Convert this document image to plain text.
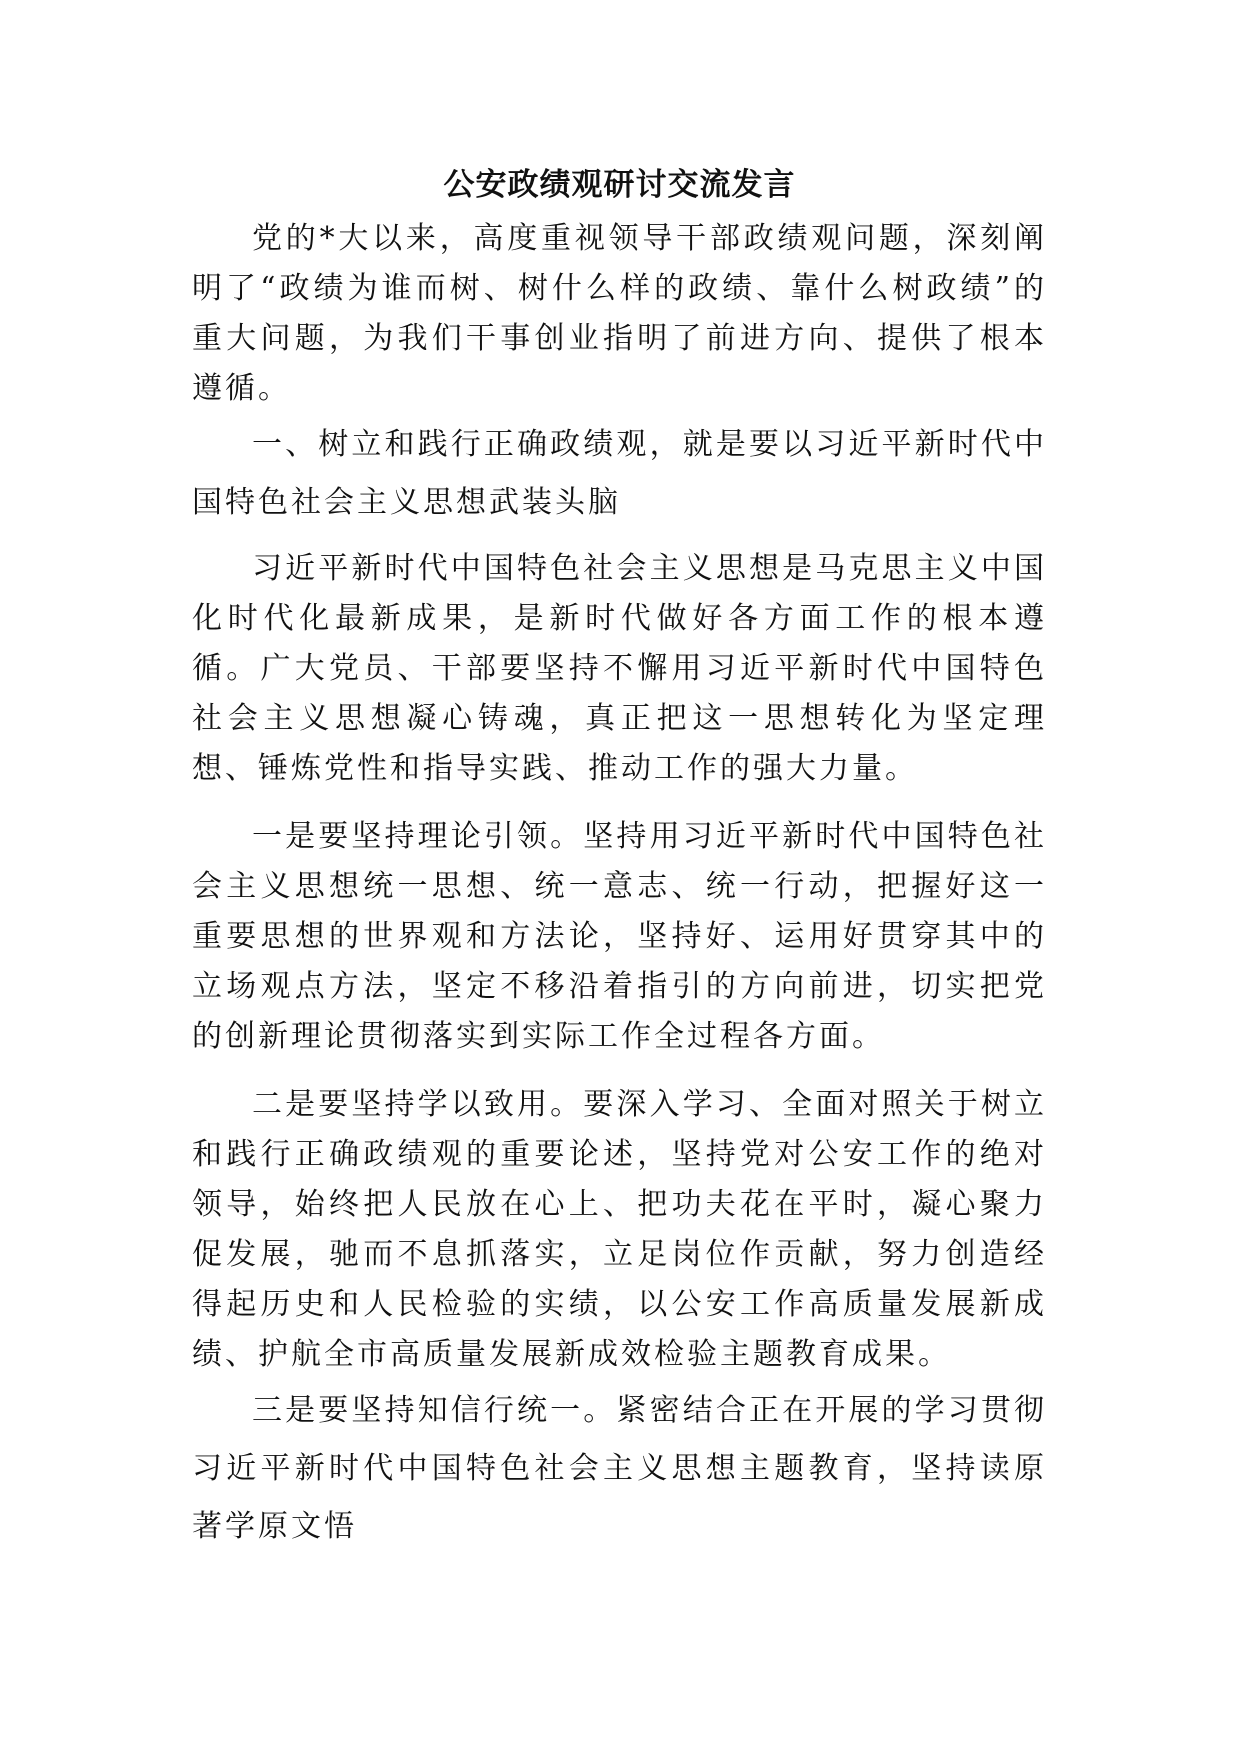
公安政绩观研讨交流发言

党的*大以来，高度重视领导干部政绩观问题，深刻阐明了“政绩为谁而树、树什么样的政绩、靠什么树政绩”的重大问题，为我们干事创业指明了前进方向、提供了根本遵循。

一、树立和践行正确政绩观，就是要以习近平新时代中国特色社会主义思想武装头脑

习近平新时代中国特色社会主义思想是马克思主义中国化时代化最新成果，是新时代做好各方面工作的根本遵循。广大党员、干部要坚持不懈用习近平新时代中国特色社会主义思想凝心铸魂，真正把这一思想转化为坚定理想、锤炼党性和指导实践、推动工作的强大力量。

一是要坚持理论引领。坚持用习近平新时代中国特色社会主义思想统一思想、统一意志、统一行动，把握好这一重要思想的世界观和方法论，坚持好、运用好贯穿其中的立场观点方法，坚定不移沿着指引的方向前进，切实把党的创新理论贯彻落实到实际工作全过程各方面。

二是要坚持学以致用。要深入学习、全面对照关于树立和践行正确政绩观的重要论述，坚持党对公安工作的绝对领导，始终把人民放在心上、把功夫花在平时，凝心聚力促发展，驰而不息抓落实，立足岗位作贡献，努力创造经得起历史和人民检验的实绩，以公安工作高质量发展新成绩、护航全市高质量发展新成效检验主题教育成果。

三是要坚持知信行统一。紧密结合正在开展的学习贯彻习近平新时代中国特色社会主义思想主题教育，坚持读原著学原文悟
